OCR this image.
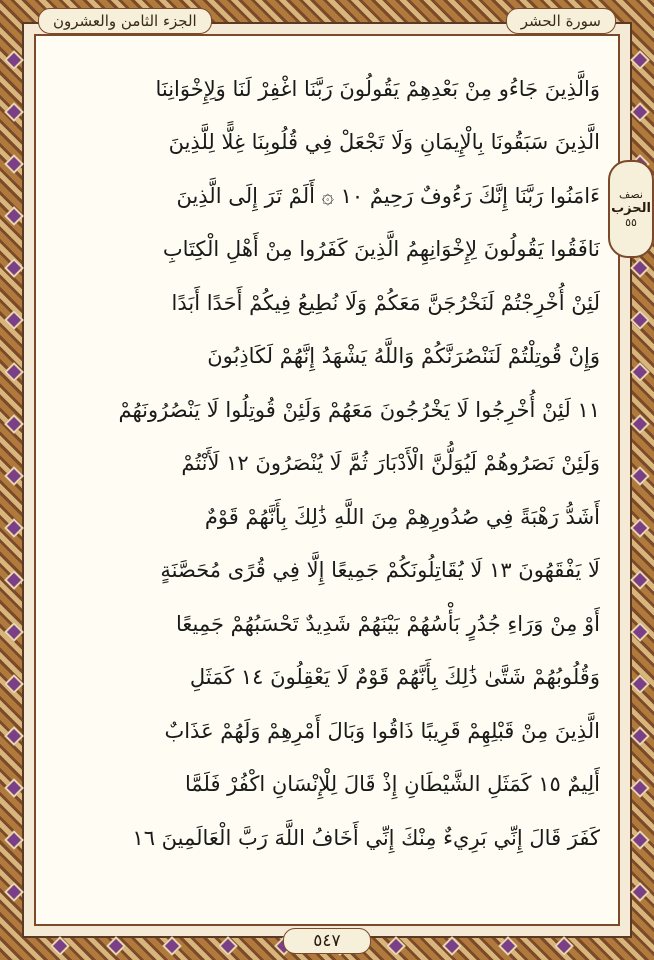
الجزء الثامن والعشرون	سورة الحشر
نصف
الحزب
٥٥
وَالَّذِينَ جَاءُو مِنْ بَعْدِهِمْ يَقُولُونَ رَبَّنَا اغْفِرْ لَنَا وَلِإِخْوَانِنَا
الَّذِينَ سَبَقُونَا بِالْإِيمَانِ وَلَا تَجْعَلْ فِي قُلُوبِنَا غِلًّا لِلَّذِينَ
ءَامَنُوا رَبَّنَا إِنَّكَ رَءُوفٌ رَحِيمٌ ١٠ ۞ أَلَمْ تَرَ إِلَى الَّذِينَ
نَافَقُوا يَقُولُونَ لِإِخْوَانِهِمُ الَّذِينَ كَفَرُوا مِنْ أَهْلِ الْكِتَابِ
لَئِنْ أُخْرِجْتُمْ لَنَخْرُجَنَّ مَعَكُمْ وَلَا نُطِيعُ فِيكُمْ أَحَدًا أَبَدًا
وَإِنْ قُوتِلْتُمْ لَنَنْصُرَنَّكُمْ وَاللَّهُ يَشْهَدُ إِنَّهُمْ لَكَاذِبُونَ
١١ لَئِنْ أُخْرِجُوا لَا يَخْرُجُونَ مَعَهُمْ وَلَئِنْ قُوتِلُوا لَا يَنْصُرُونَهُمْ
وَلَئِنْ نَصَرُوهُمْ لَيُوَلُّنَّ الْأَدْبَارَ ثُمَّ لَا يُنْصَرُونَ ١٢ لَأَنْتُمْ
أَشَدُّ رَهْبَةً فِي صُدُورِهِمْ مِنَ اللَّهِ ذَٰلِكَ بِأَنَّهُمْ قَوْمٌ
لَا يَفْقَهُونَ ١٣ لَا يُقَاتِلُونَكُمْ جَمِيعًا إِلَّا فِي قُرًى مُحَصَّنَةٍ
أَوْ مِنْ وَرَاءِ جُدُرٍ بَأْسُهُمْ بَيْنَهُمْ شَدِيدٌ تَحْسَبُهُمْ جَمِيعًا
وَقُلُوبُهُمْ شَتَّىٰ ذَٰلِكَ بِأَنَّهُمْ قَوْمٌ لَا يَعْقِلُونَ ١٤ كَمَثَلِ
الَّذِينَ مِنْ قَبْلِهِمْ قَرِيبًا ذَاقُوا وَبَالَ أَمْرِهِمْ وَلَهُمْ عَذَابٌ
أَلِيمٌ ١٥ كَمَثَلِ الشَّيْطَانِ إِذْ قَالَ لِلْإِنْسَانِ اكْفُرْ فَلَمَّا
كَفَرَ قَالَ إِنِّي بَرِيءٌ مِنْكَ إِنِّي أَخَافُ اللَّهَ رَبَّ الْعَالَمِينَ ١٦
٥٤٧
